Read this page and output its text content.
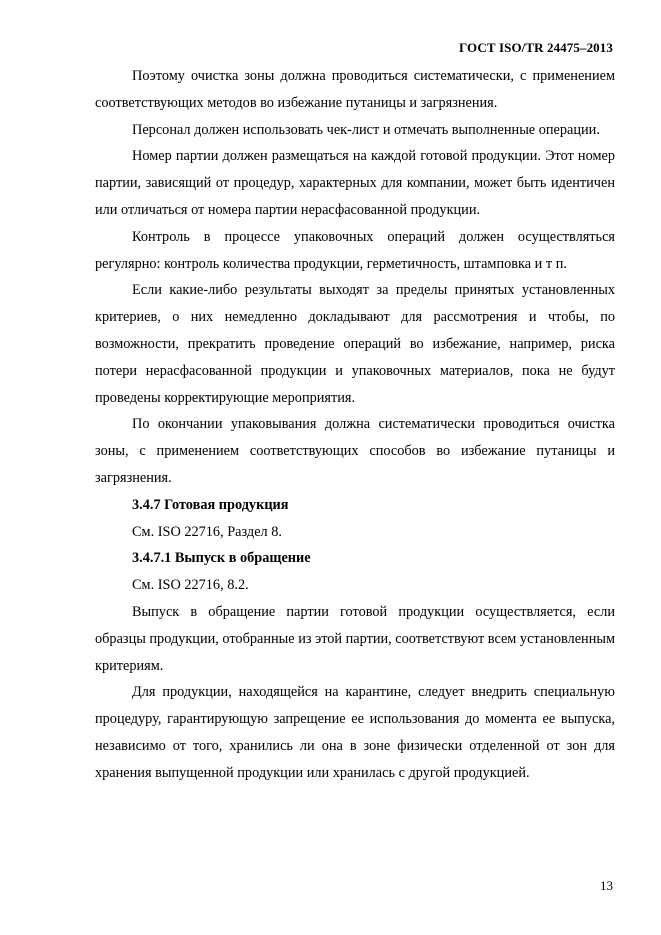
ГОСТ ISO/TR 24475–2013

Поэтому очистка зоны должна проводиться систематически, с применением соответствующих методов во избежание путаницы и загрязнения.

Персонал должен использовать чек-лист и отмечать выполненные операции.

Номер партии должен размещаться на каждой готовой продукции. Этот номер партии, зависящий от процедур, характерных для компании, может быть идентичен или отличаться от номера партии нерасфасованной продукции.

Контроль в процессе упаковочных операций должен осуществляться регулярно: контроль количества продукции, герметичность, штамповка и т п.

Если какие-либо результаты выходят за пределы принятых установленных критериев, о них немедленно докладывают для рассмотрения и чтобы, по возможности, прекратить проведение операций во избежание, например, риска потери нерасфасованной продукции и упаковочных материалов, пока не будут проведены корректирующие мероприятия.

По окончании упаковывания должна систематически проводиться очистка зоны, с применением соответствующих способов во избежание путаницы и загрязнения.

3.4.7 Готовая продукция

См. ISO 22716, Раздел 8.

3.4.7.1 Выпуск в обращение

См. ISO 22716, 8.2.

Выпуск в обращение партии готовой продукции осуществляется, если образцы продукции, отобранные из этой партии, соответствуют всем установленным критериям.

Для продукции, находящейся на карантине, следует внедрить специальную процедуру, гарантирующую запрещение ее использования до момента ее выпуска, независимо от того, хранились ли она в зоне физически отделенной от зон для хранения выпущенной продукции или хранилась с другой продукцией.

13
